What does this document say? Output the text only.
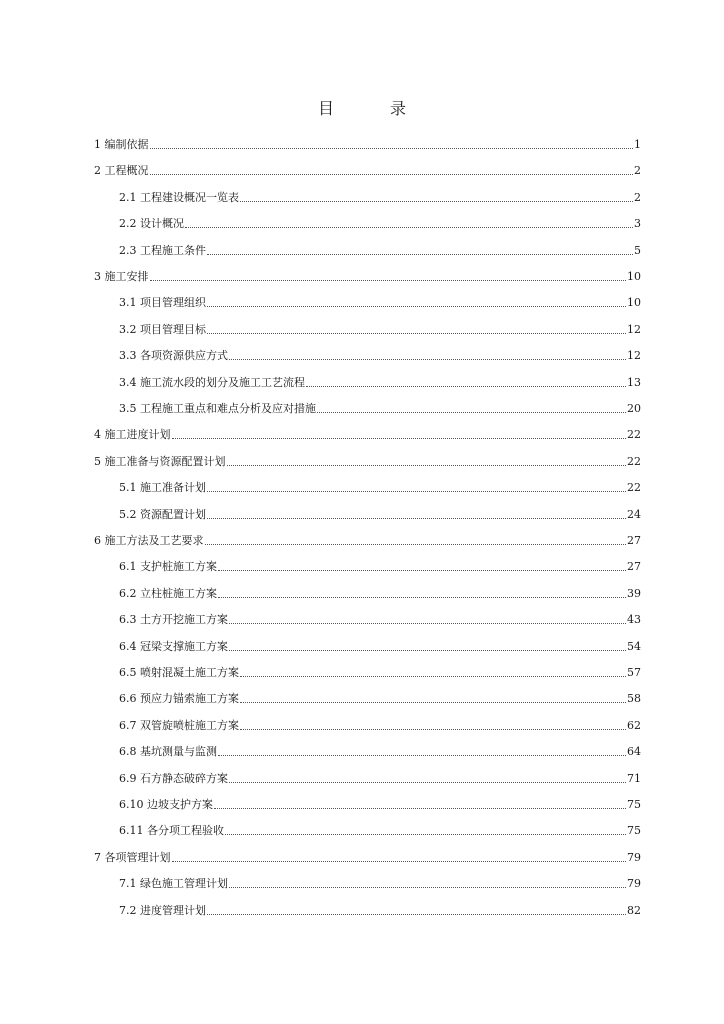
目　录
1 编制依据	1
2 工程概况	2
2.1 工程建设概况一览表	2
2.2 设计概况	3
2.3 工程施工条件	5
3 施工安排	10
3.1 项目管理组织	10
3.2 项目管理目标	12
3.3 各项资源供应方式	12
3.4 施工流水段的划分及施工工艺流程	13
3.5 工程施工重点和难点分析及应对措施	20
4 施工进度计划	22
5 施工准备与资源配置计划	22
5.1 施工准备计划	22
5.2 资源配置计划	24
6 施工方法及工艺要求	27
6.1 支护桩施工方案	27
6.2 立柱桩施工方案	39
6.3 土方开挖施工方案	43
6.4 冠梁支撑施工方案	54
6.5 喷射混凝土施工方案	57
6.6 预应力锚索施工方案	58
6.7 双管旋喷桩施工方案	62
6.8 基坑测量与监测	64
6.9 石方静态破碎方案	71
6.10 边坡支护方案	75
6.11 各分项工程验收	75
7 各项管理计划	79
7.1 绿色施工管理计划	79
7.2 进度管理计划	82
